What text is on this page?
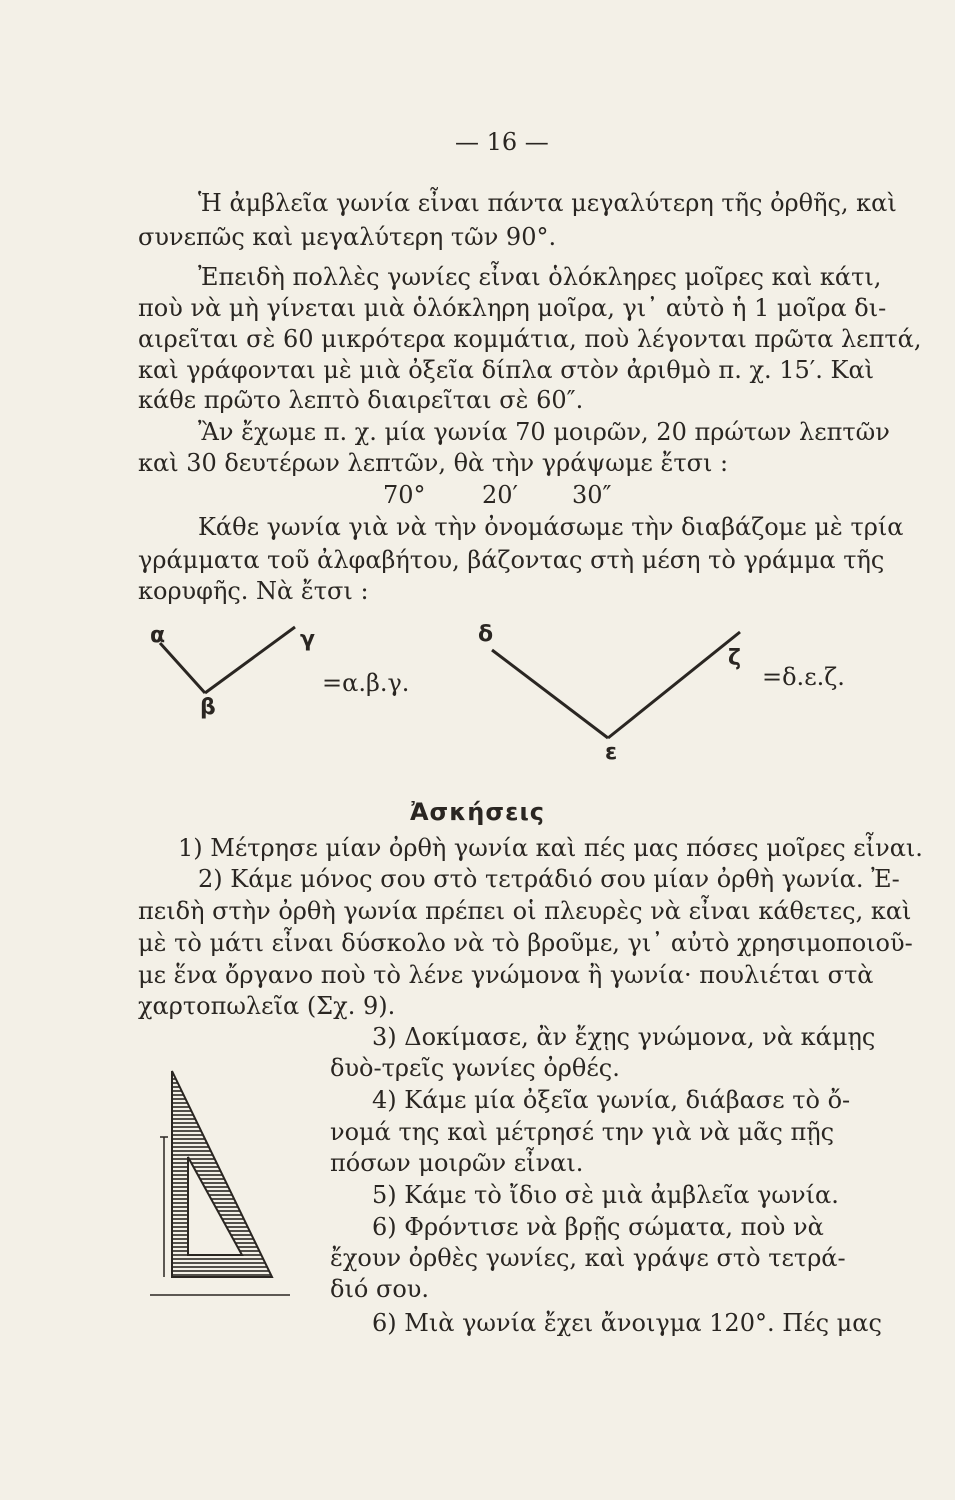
— 16 —
Ἡ ἀμβλεῖα γωνία εἶναι πάντα μεγαλύτερη τῆς ὀρθῆς, καὶ
συνεπῶς καὶ μεγαλύτερη τῶν 90°.
Ἐπειδὴ πολλὲς γωνίες εἶναι ὁλόκληρες μοῖρες καὶ κάτι,
ποὺ νὰ μὴ γίνεται μιὰ ὁλόκληρη μοῖρα, γι᾽ αὐτὸ ἡ 1 μοῖρα δι-
αιρεῖται σὲ 60 μικρότερα κομμάτια, ποὺ λέγονται πρῶτα λεπτά,
καὶ γράφονται μὲ μιὰ ὀξεῖα δίπλα στὸν ἀριθμὸ π. χ. 15′. Καὶ
κάθε πρῶτο λεπτὸ διαιρεῖται σὲ 60″.
Ἂν ἔχωμε π. χ. μία γωνία 70 μοιρῶν, 20 πρώτων λεπτῶν
καὶ 30 δευτέρων λεπτῶν, θὰ τὴν γράψωμε ἔτσι :
70° 20′ 30″
Κάθε γωνία γιὰ νὰ τὴν ὀνομάσωμε τὴν διαβάζομε μὲ τρία
γράμματα τοῦ ἀλφαβήτου, βάζοντας στὴ μέση τὸ γράμμα τῆς
κορυφῆς. Νὰ ἔτσι :
α
β
γ
=α.β.γ.
δ
ε
ζ
=δ.ε.ζ.
Ἀσκήσεις
1) Μέτρησε μίαν ὀρθὴ γωνία καὶ πές μας πόσες μοῖρες εἶναι.
2) Κάμε μόνος σου στὸ τετράδιό σου μίαν ὀρθὴ γωνία. Ἐ-
πειδὴ στὴν ὀρθὴ γωνία πρέπει οἱ πλευρὲς νὰ εἶναι κάθετες, καὶ
μὲ τὸ μάτι εἶναι δύσκολο νὰ τὸ βροῦμε, γι᾽ αὐτὸ χρησιμοποιοῦ-
με ἕνα ὄργανο ποὺ τὸ λένε γνώμονα ἢ γωνία· πουλιέται στὰ
χαρτοπωλεῖα (Σχ. 9).
3) Δοκίμασε, ἂν ἔχῃς γνώμονα, νὰ κάμῃς
δυὸ-τρεῖς γωνίες ὀρθές.
4) Κάμε μία ὀξεῖα γωνία, διάβασε τὸ ὄ-
νομά της καὶ μέτρησέ την γιὰ νὰ μᾶς πῇς
πόσων μοιρῶν εἶναι.
5) Κάμε τὸ ἴδιο σὲ μιὰ ἀμβλεῖα γωνία.
6) Φρόντισε νὰ βρῇς σώματα, ποὺ νὰ
ἔχουν ὀρθὲς γωνίες, καὶ γράψε στὸ τετρά-
διό σου.
6) Μιὰ γωνία ἔχει ἄνοιγμα 120°. Πές μας
